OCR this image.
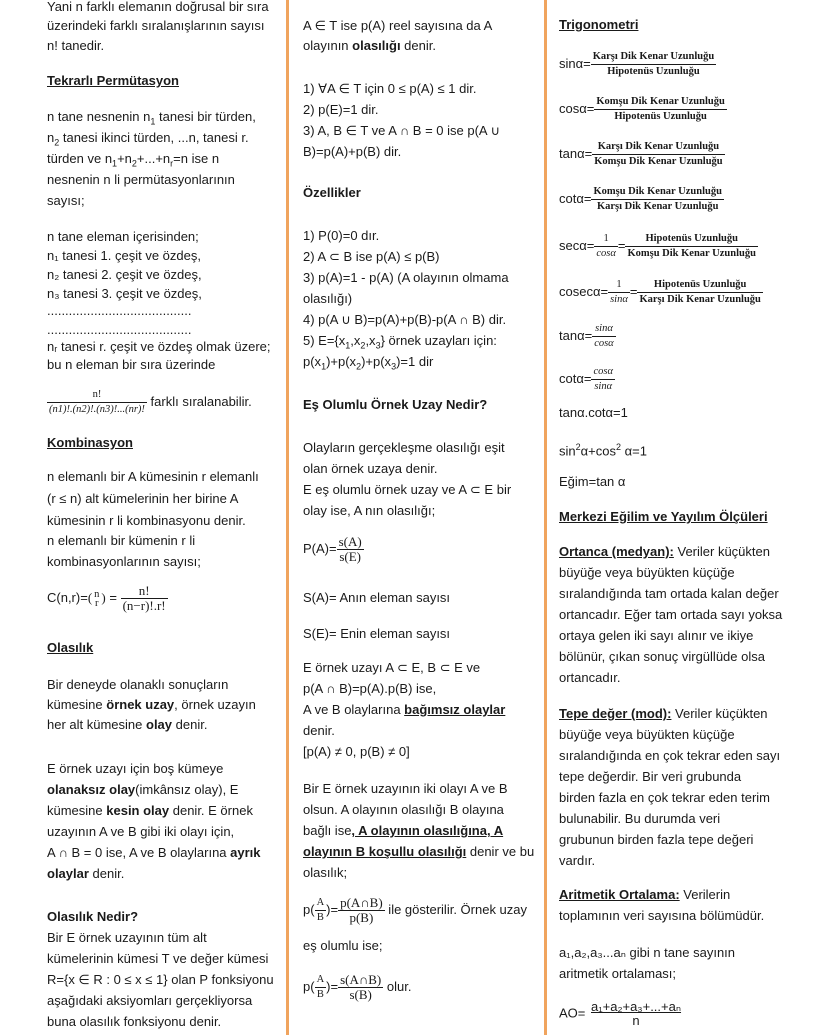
Yani n farklı elemanın doğrusal bir sıra

üzerindeki farklı sıralanışlarının sayısı

n! tanedir.

Tekrarlı Permütasyon

n tane nesnenin $n_1$ tanesi bir türden,

$n_2$ tanesi ikinci türden, ...n, tanesi r.

türden ve $n_1+n_2+...+n_r=n$ ise n

nesnenin n li permütasyonlarının

sayısı;

n tane eleman içerisinden;

n₁ tanesi 1. çeşit ve özdeş,

n₂ tanesi 2. çeşit ve özdeş,

n₃ tanesi 3. çeşit ve özdeş,

........................................

........................................

nᵣ tanesi r. çeşit ve özdeş olmak üzere;

bu n eleman bir sıra üzerinde

$\frac{n!}{(n1)!.(n2)!.(n3)!...(nr)!}$ farklı sıralanabilir.

Kombinasyon

n elemanlı bir A kümesinin r elemanlı

(r ≤ n) alt kümelerinin her birine A

kümesinin r li kombinasyonu denir.

n elemanlı bir kümenin r li

kombinasyonlarının sayısı;

C(n,r)=( n
r ) = $\frac{n!}{(n-r)!.r!}$

Olasılık

Bir deneyde olanaklı sonuçların

kümesine örnek uzay, örnek uzayın

her alt kümesine olay denir.

E örnek uzayı için boş kümeye

olanaksız olay(imkânsız olay), E

kümesine kesin olay denir. E örnek

uzayının A ve B gibi iki olayı için,

A ∩ B = 0 ise, A ve B olaylarına ayrık

olaylar denir.

Olasılık Nedir?

Bir E örnek uzayının tüm alt

kümelerinin kümesi T ve değer kümesi

R={x ∈ R : 0 ≤ x ≤ 1} olan P fonksiyonu

aşağıdaki aksiyomları gerçekliyorsa

buna olasılık fonksiyonu denir.

A ∈ T ise p(A) reel sayısına da A

olayının olasılığı denir.

1) ∀A ∈ T için 0 ≤ p(A) ≤ 1 dir.

2) p(E)=1 dir.

3) A, B ∈ T ve A ∩ B = 0 ise p(A ∪

B)=p(A)+p(B) dir.

Özellikler

1) P(0)=0 dır.

2) A ⊂ B ise p(A) ≤ p(B)

3) p(A)=1 - p(A) (A olayının olmama

olasılığı)

4) p(A ∪ B)=p(A)+p(B)-p(A ∩ B) dir.

5) $E=\{x_1,x_2,x_3\}$ örnek uzayları için:

$p(x_1)+p(x_2)+p(x_3)=1$ dir

Eş Olumlu Örnek Uzay Nedir?

Olayların gerçekleşme olasılığı eşit

olan örnek uzaya denir.

E eş olumlu örnek uzay ve A ⊂ E bir

olay ise, A nın olasılığı;

$P(A)= \frac{s(A)}{s(E)}$

S(A)= Anın eleman sayısı

S(E)= Enin eleman sayısı

E örnek uzayı A ⊂ E, B ⊂ E ve

p(A ∩ B)=p(A).p(B) ise,

A ve B olaylarına bağımsız olaylar

denir.

[p(A) ≠ 0, p(B) ≠ 0]

Bir E örnek uzayının iki olayı A ve B

olsun. A olayının olasılığı B olayına

bağlı ise, A olayının olasılığına, A

olayının B koşullu olasılığı denir ve bu

olasılık;

$p( \frac{A}{B}$ )= $\frac{p(A\cap B)}{p(B)}$ ile gösterilir. Örnek uzay

eş olumlu ise;

$p( \frac{A}{B}$ )= $\frac{s(A\cap B)}{s(B)}$ olur.

Trigonometri

$\sin\alpha= \frac{\text{Karşı Dik Kenar Uzunluğu}}{\text{Hipotenüs Uzunluğu}}$

$\cos\alpha= \frac{\text{Komşu Dik Kenar Uzunluğu}}{\text{Hipotenüs Uzunluğu}}$

$\tan\alpha= \frac{\text{Karşı Dik Kenar Uzunluğu}}{\text{Komşu Dik Kenar Uzunluğu}}$

$\cot\alpha= \frac{\text{Komşu Dik Kenar Uzunluğu}}{\text{Karşı Dik Kenar Uzunluğu}}$

$\sec\alpha= \frac{1}{\cos\alpha} = \frac{\text{Hipotenüs Uzunluğu}}{\text{Komşu Dik Kenar Uzunluğu}}$

$cosec\alpha= \frac{1}{\sin\alpha} = \frac{\text{Hipotenüs Uzunluğu}}{\text{Karşı Dik Kenar Uzunluğu}}$

$\tan\alpha= \frac{\sin\alpha}{\cos\alpha}$

$\cot\alpha= \frac{\cos\alpha}{\sin\alpha}$

tanα.cotα=1

$\sin^2\alpha+\cos^2$ α=1

Eğim=tan α

Merkezi Eğilim ve Yayılım Ölçüleri

Ortanca (medyan): Veriler küçükten

büyüğe veya büyükten küçüğe

sıralandığında tam ortada kalan değer

ortancadır. Eğer tam ortada sayı yoksa

ortaya gelen iki sayı alınır ve ikiye

bölünür, çıkan sonuç virgüllüde olsa

ortancadır.

Tepe değer (mod): Veriler küçükten

büyüğe veya büyükten küçüğe

sıralandığında en çok tekrar eden sayı

tepe değerdir. Bir veri grubunda

birden fazla en çok tekrar eden terim

bulunabilir. Bu durumda veri

grubunun birden fazla tepe değeri

vardır.

Aritmetik Ortalama: Verilerin

toplamının veri sayısına bölümüdür.

a₁,a₂,a₃...aₙ gibi n tane sayının

aritmetik ortalaması;

$AO= \frac{\text{a₁+a₂+a₃+...+aₙ}}{n}$
